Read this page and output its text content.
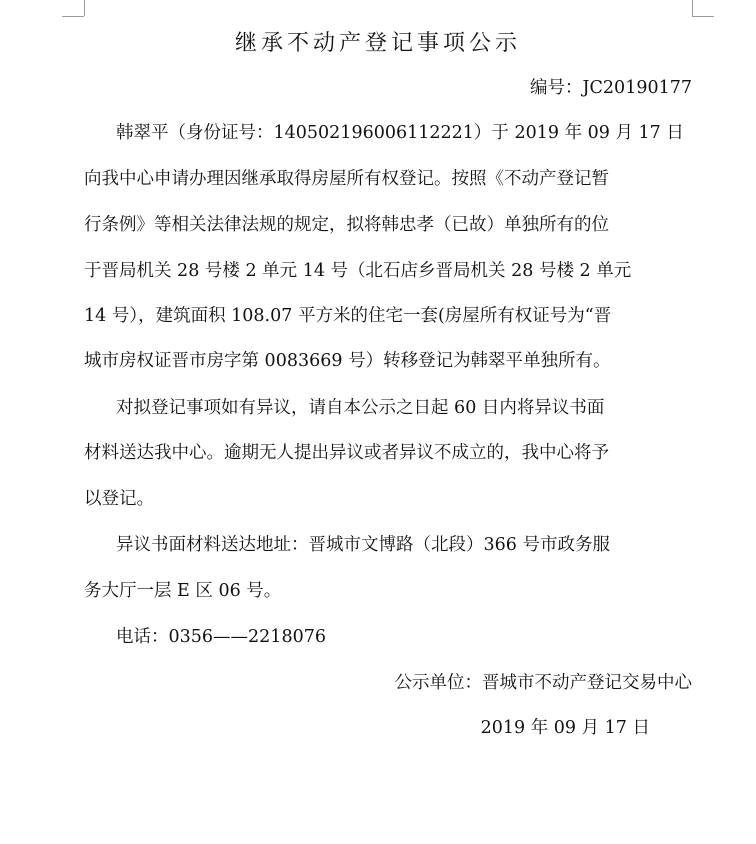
继承不动产登记事项公示
编号：JC20190177
韩翠平（身份证号：140502196006112221）于 2019 年 09 月 17 日
向我中心申请办理因继承取得房屋所有权登记。按照《不动产登记暂
行条例》等相关法律法规的规定，拟将韩忠孝（已故）单独所有的位
于晋局机关 28 号楼 2 单元 14 号（北石店乡晋局机关 28 号楼 2 单元
14 号），建筑面积 108.07 平方米的住宅一套(房屋所有权证号为“晋
城市房权证晋市房字第 0083669 号）转移登记为韩翠平单独所有。
对拟登记事项如有异议，请自本公示之日起 60 日内将异议书面
材料送达我中心。逾期无人提出异议或者异议不成立的，我中心将予
以登记。
异议书面材料送达地址：晋城市文博路（北段）366 号市政务服
务大厅一层 E 区 06 号。
电话：0356——2218076
公示单位：晋城市不动产登记交易中心
2019 年 09 月 17 日
